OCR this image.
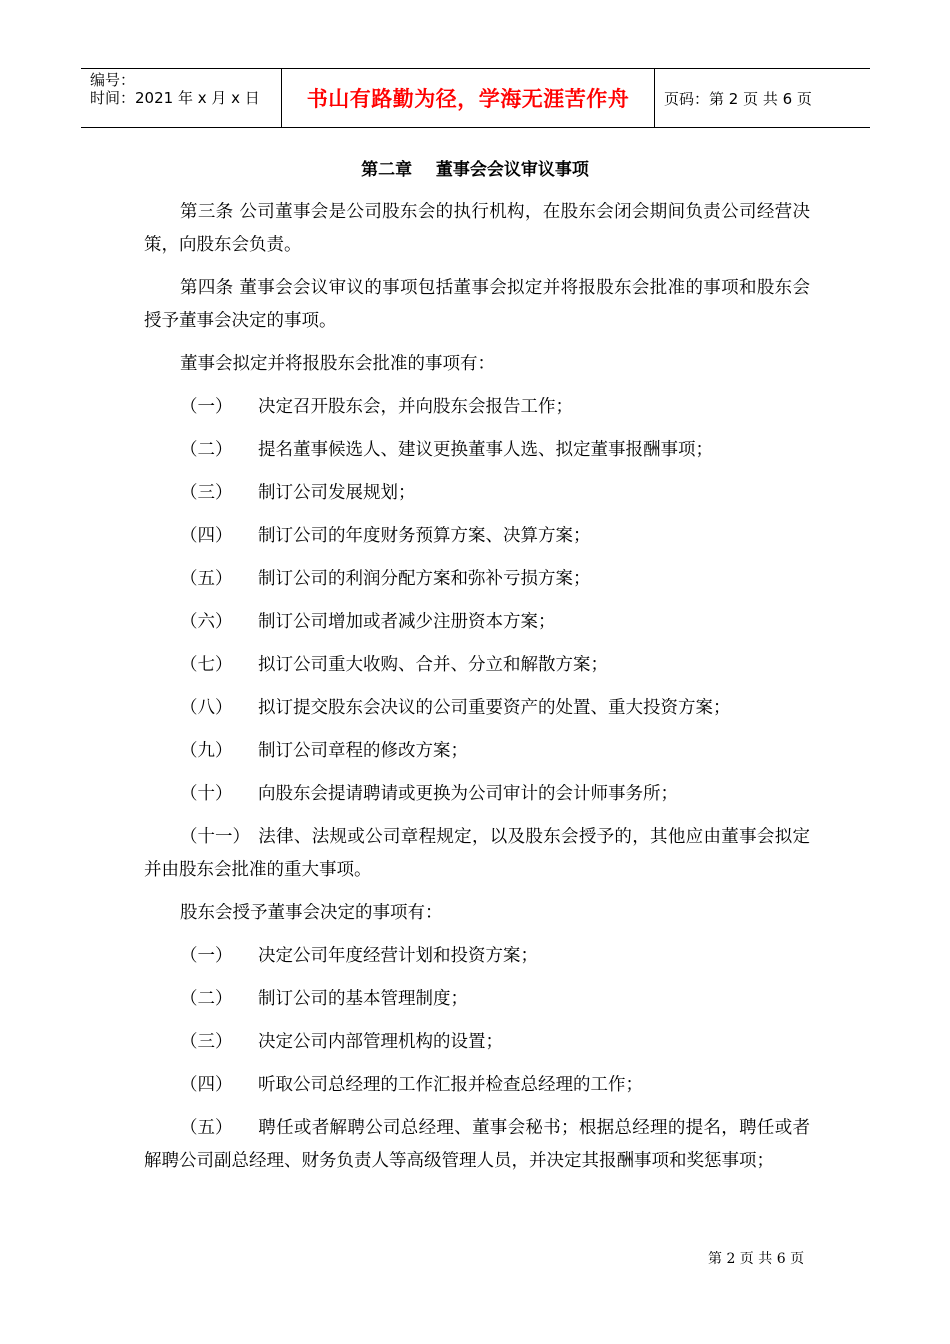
编号：
时间：2021 年 x 月 x 日	书山有路勤为径，学海无涯苦作舟	页码：第 2 页 共 6 页
第二章    董事会会议审议事项

第三条 公司董事会是公司股东会的执行机构，在股东会闭会期间负责公司经营决策，向股东会负责。

第四条 董事会会议审议的事项包括董事会拟定并将报股东会批准的事项和股东会授予董事会决定的事项。

董事会拟定并将报股东会批准的事项有：

（一）	决定召开股东会，并向股东会报告工作；
（二）	提名董事候选人、建议更换董事人选、拟定董事报酬事项；
（三）	制订公司发展规划；
（四）	制订公司的年度财务预算方案、决算方案；
（五）	制订公司的利润分配方案和弥补亏损方案；
（六）	制订公司增加或者减少注册资本方案；
（七）	拟订公司重大收购、合并、分立和解散方案；
（八）	拟订提交股东会决议的公司重要资产的处置、重大投资方案；
（九）	制订公司章程的修改方案；
（十）	向股东会提请聘请或更换为公司审计的会计师事务所；
（十一） 法律、法规或公司章程规定，以及股东会授予的，其他应由董事会拟定并由股东会批准的重大事项。

股东会授予董事会决定的事项有：

（一）	决定公司年度经营计划和投资方案；
（二）	制订公司的基本管理制度；
（三）	决定公司内部管理机构的设置；
（四）	听取公司总经理的工作汇报并检查总经理的工作；
（五） 聘任或者解聘公司总经理、董事会秘书；根据总经理的提名，聘任或者解聘公司副总经理、财务负责人等高级管理人员，并决定其报酬事项和奖惩事项；
第 2 页 共 6 页
